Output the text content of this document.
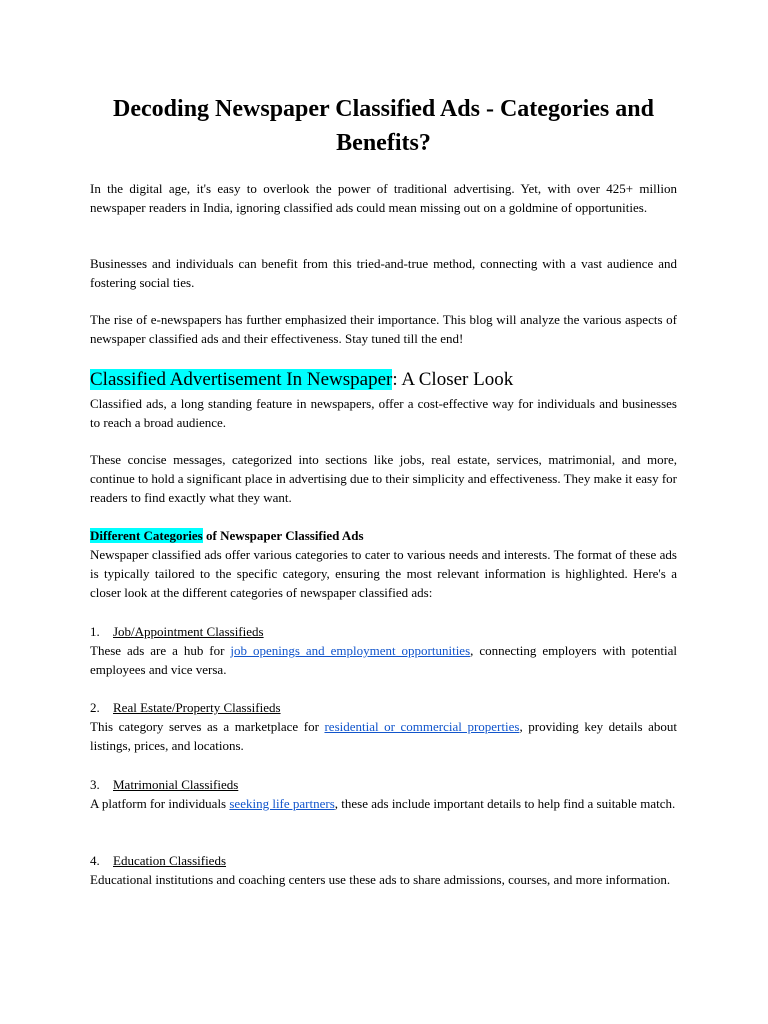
Decoding Newspaper Classified Ads - Categories and Benefits?

In the digital age, it's easy to overlook the power of traditional advertising. Yet, with over 425+ million newspaper readers in India, ignoring classified ads could mean missing out on a goldmine of opportunities.

Businesses and individuals can benefit from this tried-and-true method, connecting with a vast audience and fostering social ties.

The rise of e-newspapers has further emphasized their importance. This blog will analyze the various aspects of newspaper classified ads and their effectiveness. Stay tuned till the end!

Classified Advertisement In Newspaper: A Closer Look

Classified ads, a long standing feature in newspapers, offer a cost-effective way for individuals and businesses to reach a broad audience.

These concise messages, categorized into sections like jobs, real estate, services, matrimonial, and more, continue to hold a significant place in advertising due to their simplicity and effectiveness. They make it easy for readers to find exactly what they want.

Different Categories of Newspaper Classified Ads

Newspaper classified ads offer various categories to cater to various needs and interests. The format of these ads is typically tailored to the specific category, ensuring the most relevant information is highlighted. Here's a closer look at the different categories of newspaper classified ads:

1. Job/Appointment Classifieds

These ads are a hub for job openings and employment opportunities, connecting employers with potential employees and vice versa.

2. Real Estate/Property Classifieds

This category serves as a marketplace for residential or commercial properties, providing key details about listings, prices, and locations.

3. Matrimonial Classifieds

A platform for individuals seeking life partners, these ads include important details to help find a suitable match.

4. Education Classifieds

Educational institutions and coaching centers use these ads to share admissions, courses, and more information.
